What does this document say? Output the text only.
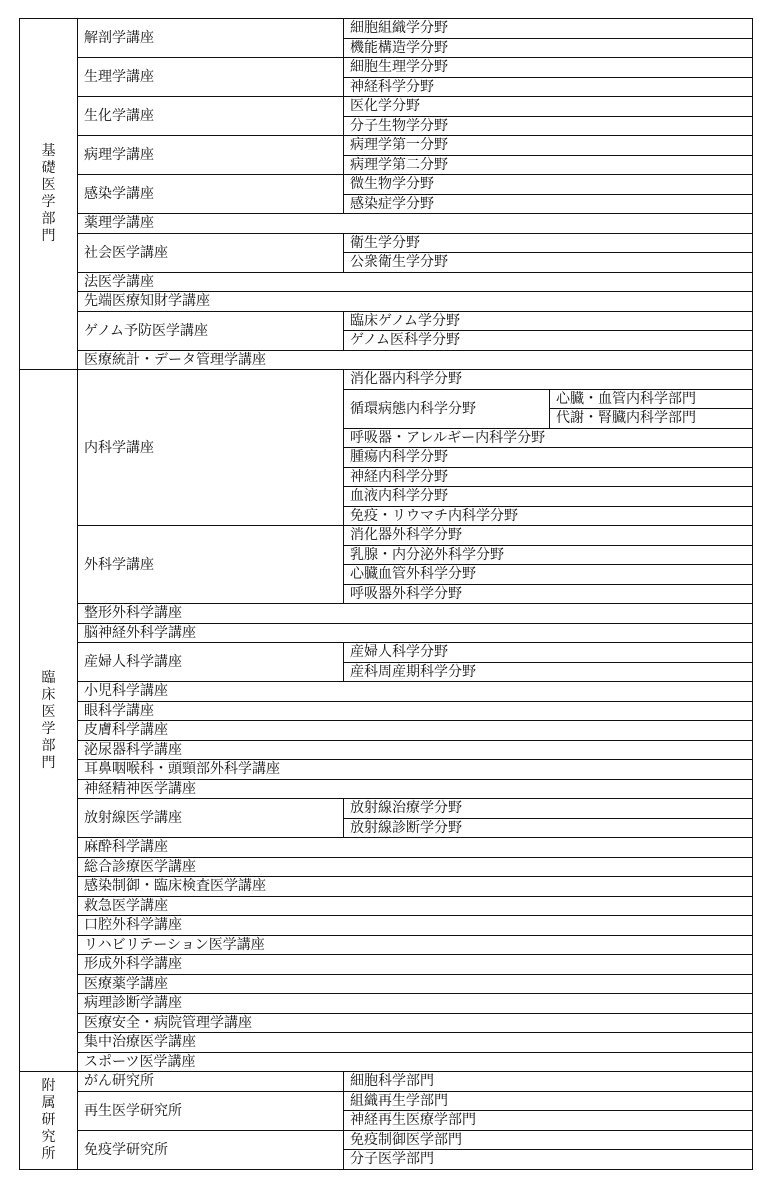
基礎医学部門	解剖学講座	細胞組織学分野	
		機能構造学分野	
	生理学講座	細胞生理学分野	
		神経科学分野	
	生化学講座	医化学分野	
		分子生物学分野	
	病理学講座	病理学第一分野	
		病理学第二分野	
	感染学講座	微生物学分野	
		感染症学分野	
	薬理学講座		
	社会医学講座	衛生学分野	
		公衆衛生学分野	
	法医学講座		
	先端医療知財学講座		
	ゲノム予防医学講座	臨床ゲノム学分野	
		ゲノム医科学分野	
	医療統計・データ管理学講座		
臨床医学部門	内科学講座	消化器内科学分野	
		循環病態内科学分野	心臓・血管内科学部門
			代謝・腎臓内科学部門
		呼吸器・アレルギー内科学分野	
		腫瘍内科学分野	
		神経内科学分野	
		血液内科学分野	
		免疫・リウマチ内科学分野	
	外科学講座	消化器外科学分野	
		乳腺・内分泌外科学分野	
		心臓血管外科学分野	
		呼吸器外科学分野	
	整形外科学講座		
	脳神経外科学講座		
	産婦人科学講座	産婦人科学分野	
		産科周産期科学分野	
	小児科学講座		
	眼科学講座		
	皮膚科学講座		
	泌尿器科学講座		
	耳鼻咽喉科・頭頸部外科学講座		
	神経精神医学講座		
	放射線医学講座	放射線治療学分野	
		放射線診断学分野	
	麻酔科学講座		
	総合診療医学講座		
	感染制御・臨床検査医学講座		
	救急医学講座		
	口腔外科学講座		
	リハビリテーション医学講座		
	形成外科学講座		
	医療薬学講座		
	病理診断学講座		
	医療安全・病院管理学講座		
	集中治療医学講座		
	スポーツ医学講座		
附属研究所	がん研究所	細胞科学部門	
	再生医学研究所	組織再生学部門	
		神経再生医療学部門	
	免疫学研究所	免疫制御医学部門	
		分子医学部門	
